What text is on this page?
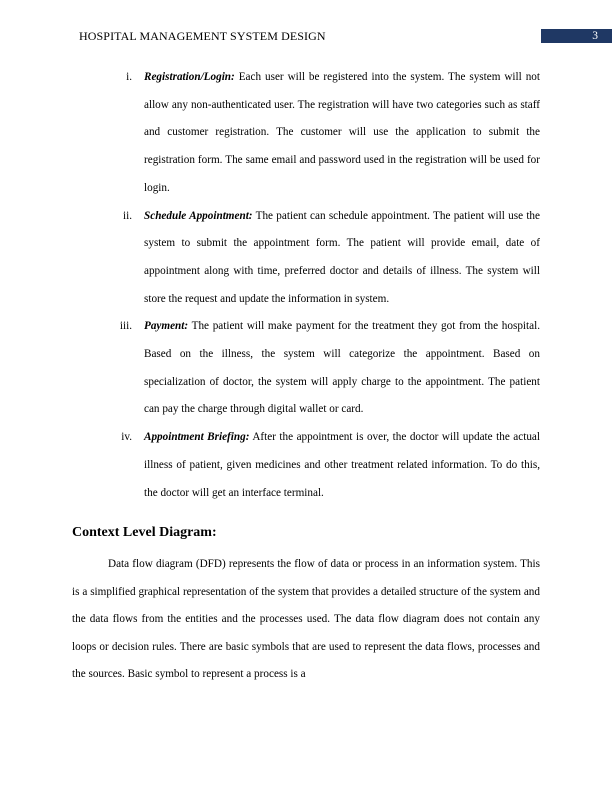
HOSPITAL MANAGEMENT SYSTEM DESIGN	3
i. Registration/Login: Each user will be registered into the system. The system will not allow any non-authenticated user. The registration will have two categories such as staff and customer registration. The customer will use the application to submit the registration form. The same email and password used in the registration will be used for login.
ii. Schedule Appointment: The patient can schedule appointment. The patient will use the system to submit the appointment form. The patient will provide email, date of appointment along with time, preferred doctor and details of illness. The system will store the request and update the information in system.
iii. Payment: The patient will make payment for the treatment they got from the hospital. Based on the illness, the system will categorize the appointment. Based on specialization of doctor, the system will apply charge to the appointment. The patient can pay the charge through digital wallet or card.
iv. Appointment Briefing: After the appointment is over, the doctor will update the actual illness of patient, given medicines and other treatment related information. To do this, the doctor will get an interface terminal.
Context Level Diagram:
Data flow diagram (DFD) represents the flow of data or process in an information system. This is a simplified graphical representation of the system that provides a detailed structure of the system and the data flows from the entities and the processes used. The data flow diagram does not contain any loops or decision rules. There are basic symbols that are used to represent the data flows, processes and the sources. Basic symbol to represent a process is a
